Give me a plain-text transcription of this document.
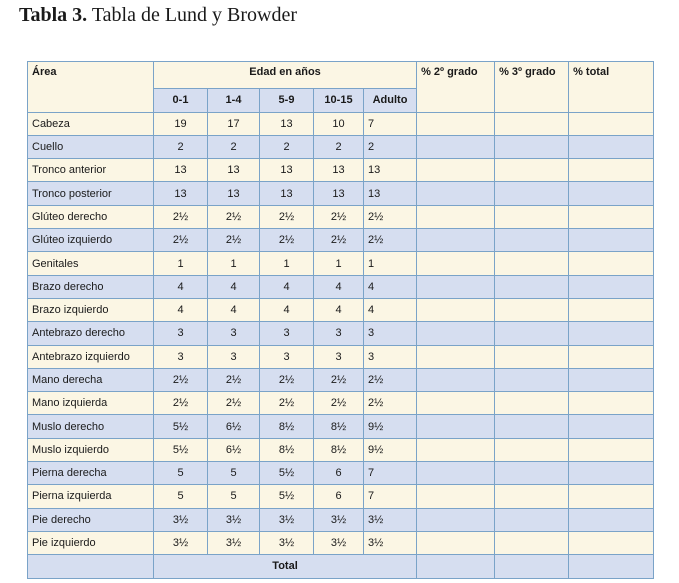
Tabla 3. Tabla de Lund y Browder
Área	Edad en años					% 2º grado	% 3º grado	% total
	0-1	1-4	5-9	10-15	Adulto			
Cabeza	19	17	13	10	7			
Cuello	2	2	2	2	2			
Tronco anterior	13	13	13	13	13			
Tronco posterior	13	13	13	13	13			
Glúteo derecho	2½	2½	2½	2½	2½			
Glúteo izquierdo	2½	2½	2½	2½	2½			
Genitales	1	1	1	1	1			
Brazo derecho	4	4	4	4	4			
Brazo izquierdo	4	4	4	4	4			
Antebrazo derecho	3	3	3	3	3			
Antebrazo izquierdo	3	3	3	3	3			
Mano derecha	2½	2½	2½	2½	2½			
Mano izquierda	2½	2½	2½	2½	2½			
Muslo derecho	5½	6½	8½	8½	9½			
Muslo izquierdo	5½	6½	8½	8½	9½			
Pierna derecha	5	5	5½	6	7			
Pierna izquierda	5	5	5½	6	7			
Pie derecho	3½	3½	3½	3½	3½			
Pie izquierdo	3½	3½	3½	3½	3½			
	Total							
